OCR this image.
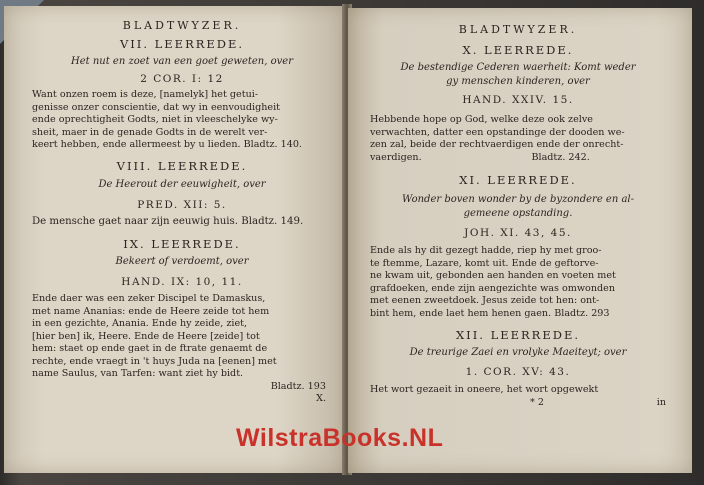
BLADTWYZER.

VII. LEERREDE.

Het nut en zoet van een goet geweten, over

2 COR. I: 12

Want onzen roem is deze, [namelyk] het getui-

genisse onzer conscientie, dat wy in eenvoudigheit

ende oprechtigheit Godts, niet in vleeschelyke wy-

sheit, maer in de genade Godts in de werelt ver-

keert hebben, ende allermeest by u lieden. Bladtz. 140.

VIII. LEERREDE.

De Heerout der eeuwigheit, over

PRED. XII: 5.

De mensche gaet naar zijn eeuwig huis. Bladtz. 149.

IX. LEERREDE.

Bekeert of verdoemt, over

HAND. IX: 10, 11.

Ende daer was een zeker Discipel te Damaskus,

met name Ananias: ende de Heere zeide tot hem

in een gezichte, Anania. Ende hy zeide, ziet,

[hier ben] ik, Heere. Ende de Heere [zeide] tot

hem: staet op ende gaet in de ftrate genaemt de

rechte, ende vraegt in 't huys Juda na [eenen] met

name Saulus, van Tarfen: want ziet hy bidt.

Bladtz. 193

X.

BLADTWYZER.

X. LEERREDE.

De bestendige Cederen waerheit: Komt weder

gy menschen kinderen, over

HAND. XXIV. 15.

Hebbende hope op God, welke deze ook zelve

verwachten, datter een opstandinge der dooden we-

zen zal, beide der rechtvaerdigen ende der onrecht-

vaerdigen.                                    Bladtz. 242.

XI. LEERREDE.

Wonder boven wonder by de byzondere en al-

gemeene opstanding.

JOH. XI. 43, 45.

Ende als hy dit gezegt hadde, riep hy met groo-

te ftemme, Lazare, komt uit. Ende de geftorve-

ne kwam uit, gebonden aen handen en voeten met

grafdoeken, ende zijn aengezichte was omwonden

met eenen zweetdoek. Jesus zeide tot hen: ont-

bint hem, ende laet hem henen gaen. Bladtz. 293

XII. LEERREDE.

De treurige Zaei en vrolyke Maeiteyt; over

1. COR. XV: 43.

Het wort gezaeit in oneere, het wort opgewekt

* 2	in

WilstraBooks.NL
